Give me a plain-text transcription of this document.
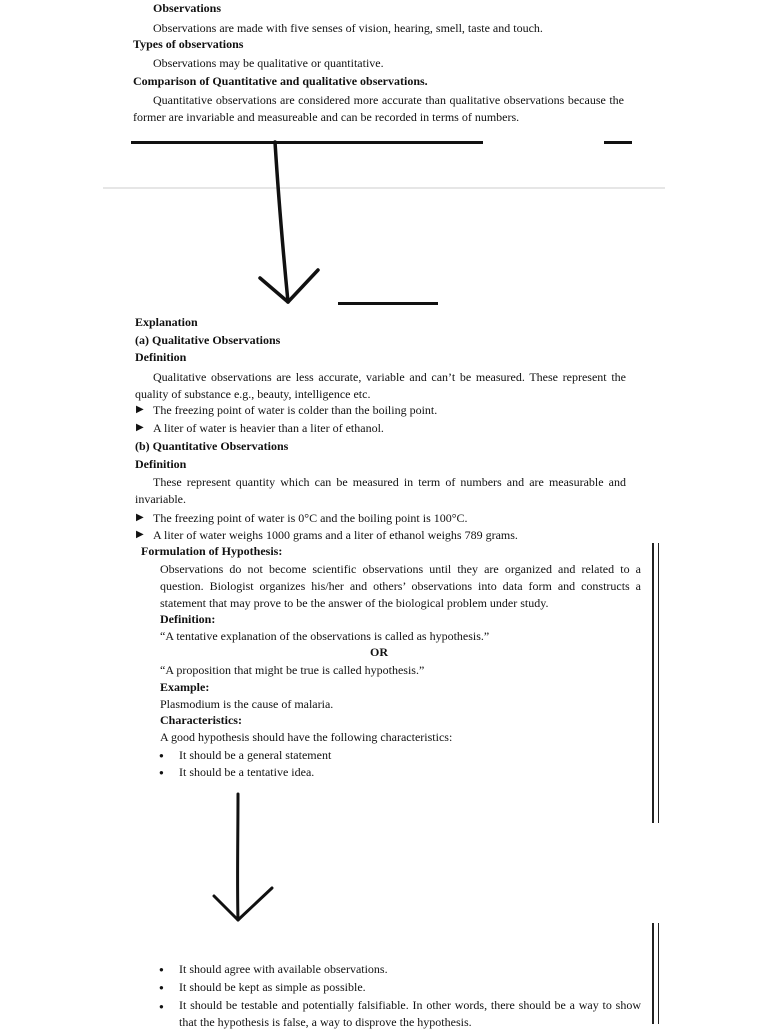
Observations
Observations are made with five senses of vision, hearing, smell, taste and touch.
Types of observations
Observations may be qualitative or quantitative.
Comparison of Quantitative and qualitative observations.
Quantitative observations are considered more accurate than qualitative observations because the former are invariable and measureable and can be recorded in terms of numbers.
Explanation
(a) Qualitative Observations
Definition
Qualitative observations are less accurate, variable and can’t be measured. These represent the quality of substance e.g., beauty, intelligence etc.
▶ The freezing point of water is colder than the boiling point.
▶ A liter of water is heavier than a liter of ethanol.
(b) Quantitative Observations
Definition
These represent quantity which can be measured in term of numbers and are measurable and invariable.
▶ The freezing point of water is 0°C and the boiling point is 100°C.
▶ A liter of water weighs 1000 grams and a liter of ethanol weighs 789 grams.
Formulation of Hypothesis:
Observations do not become scientific observations until they are organized and related to a question. Biologist organizes his/her and others’ observations into data form and constructs a statement that may prove to be the answer of the biological problem under study.
Definition:
“A tentative explanation of the observations is called as hypothesis.”
OR
“A proposition that might be true is called hypothesis.”
Example:
Plasmodium is the cause of malaria.
Characteristics:
A good hypothesis should have the following characteristics:
● It should be a general statement
● It should be a tentative idea.
● It should agree with available observations.
● It should be kept as simple as possible.
● It should be testable and potentially falsifiable. In other words, there should be a way to show that the hypothesis is false, a way to disprove the hypothesis.
